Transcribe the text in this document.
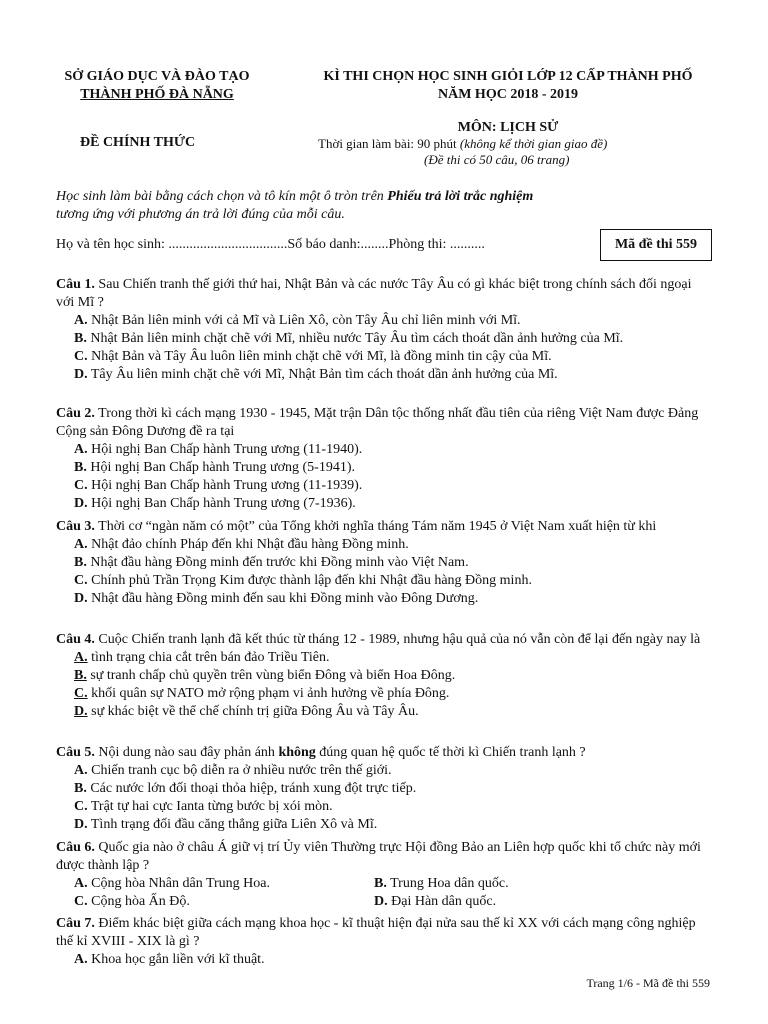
SỞ GIÁO DỤC VÀ ĐÀO TẠO
THÀNH PHỐ ĐÀ NẴNG
KÌ THI CHỌN HỌC SINH GIỎI LỚP 12 CẤP THÀNH PHỐ
NĂM HỌC 2018 - 2019
ĐỀ CHÍNH THỨC
MÔN: LỊCH SỬ
Thời gian làm bài: 90 phút (không kể thời gian giao đề)
(Đề thi có 50 câu, 06 trang)
Học sinh làm bài bằng cách chọn và tô kín một ô tròn trên Phiếu trả lời trắc nghiệm
tương ứng với phương án trả lời đúng của mỗi câu.
Họ và tên học sinh: ..................................Số báo danh:........Phòng thi: ..........	Mã đề thi 559

Câu 1. Sau Chiến tranh thế giới thứ hai, Nhật Bản và các nước Tây Âu có gì khác biệt trong chính sách đối ngoại với Mĩ ?

A. Nhật Bản liên minh với cả Mĩ và Liên Xô, còn Tây Âu chỉ liên minh với Mĩ.

B. Nhật Bản liên minh chặt chẽ với Mĩ, nhiều nước Tây Âu tìm cách thoát dần ảnh hưởng của Mĩ.

C. Nhật Bản và Tây Âu luôn liên minh chặt chẽ với Mĩ, là đồng minh tin cậy của Mĩ.

D. Tây Âu liên minh chặt chẽ với Mĩ, Nhật Bản tìm cách thoát dần ảnh hưởng của Mĩ.

Câu 2. Trong thời kì cách mạng 1930 - 1945, Mặt trận Dân tộc thống nhất đầu tiên của riêng Việt Nam được Đảng Cộng sản Đông Dương đề ra tại

A. Hội nghị Ban Chấp hành Trung ương (11-1940).

B. Hội nghị Ban Chấp hành Trung ương (5-1941).

C. Hội nghị Ban Chấp hành Trung ương (11-1939).

D. Hội nghị Ban Chấp hành Trung ương (7-1936).

Câu 3. Thời cơ “ngàn năm có một” của Tổng khởi nghĩa tháng Tám năm 1945 ở Việt Nam xuất hiện từ khi

A. Nhật đảo chính Pháp đến khi Nhật đầu hàng Đồng minh.

B. Nhật đầu hàng Đồng minh đến trước khi Đồng minh vào Việt Nam.

C. Chính phủ Trần Trọng Kim được thành lập đến khi Nhật đầu hàng Đồng minh.

D. Nhật đầu hàng Đồng minh đến sau khi Đồng minh vào Đông Dương.

Câu 4. Cuộc Chiến tranh lạnh đã kết thúc từ tháng 12 - 1989, nhưng hậu quả của nó vẫn còn để lại đến ngày nay là

A. tình trạng chia cắt trên bán đảo Triều Tiên.

B. sự tranh chấp chủ quyền trên vùng biển Đông và biển Hoa Đông.

C. khối quân sự NATO mở rộng phạm vi ảnh hưởng về phía Đông.

D. sự khác biệt về thể chế chính trị giữa Đông Âu và Tây Âu.

Câu 5. Nội dung nào sau đây phản ánh không đúng quan hệ quốc tế thời kì Chiến tranh lạnh ?

A. Chiến tranh cục bộ diễn ra ở nhiều nước trên thế giới.

B. Các nước lớn đối thoại thỏa hiệp, tránh xung đột trực tiếp.

C. Trật tự hai cực Ianta từng bước bị xói mòn.

D. Tình trạng đối đầu căng thẳng giữa Liên Xô và Mĩ.

Câu 6. Quốc gia nào ở châu Á giữ vị trí Ủy viên Thường trực Hội đồng Bảo an Liên hợp quốc khi tổ chức này mới được thành lập ?

A. Cộng hòa Nhân dân Trung Hoa.	B. Trung Hoa dân quốc.

C. Cộng hòa Ấn Độ.	D. Đại Hàn dân quốc.

Câu 7. Điểm khác biệt giữa cách mạng khoa học - kĩ thuật hiện đại nửa sau thế kỉ XX với cách mạng công nghiệp thế kỉ XVIII - XIX là gì ?

A. Khoa học gắn liền với kĩ thuật.

Trang 1/6 - Mã đề thi 559
